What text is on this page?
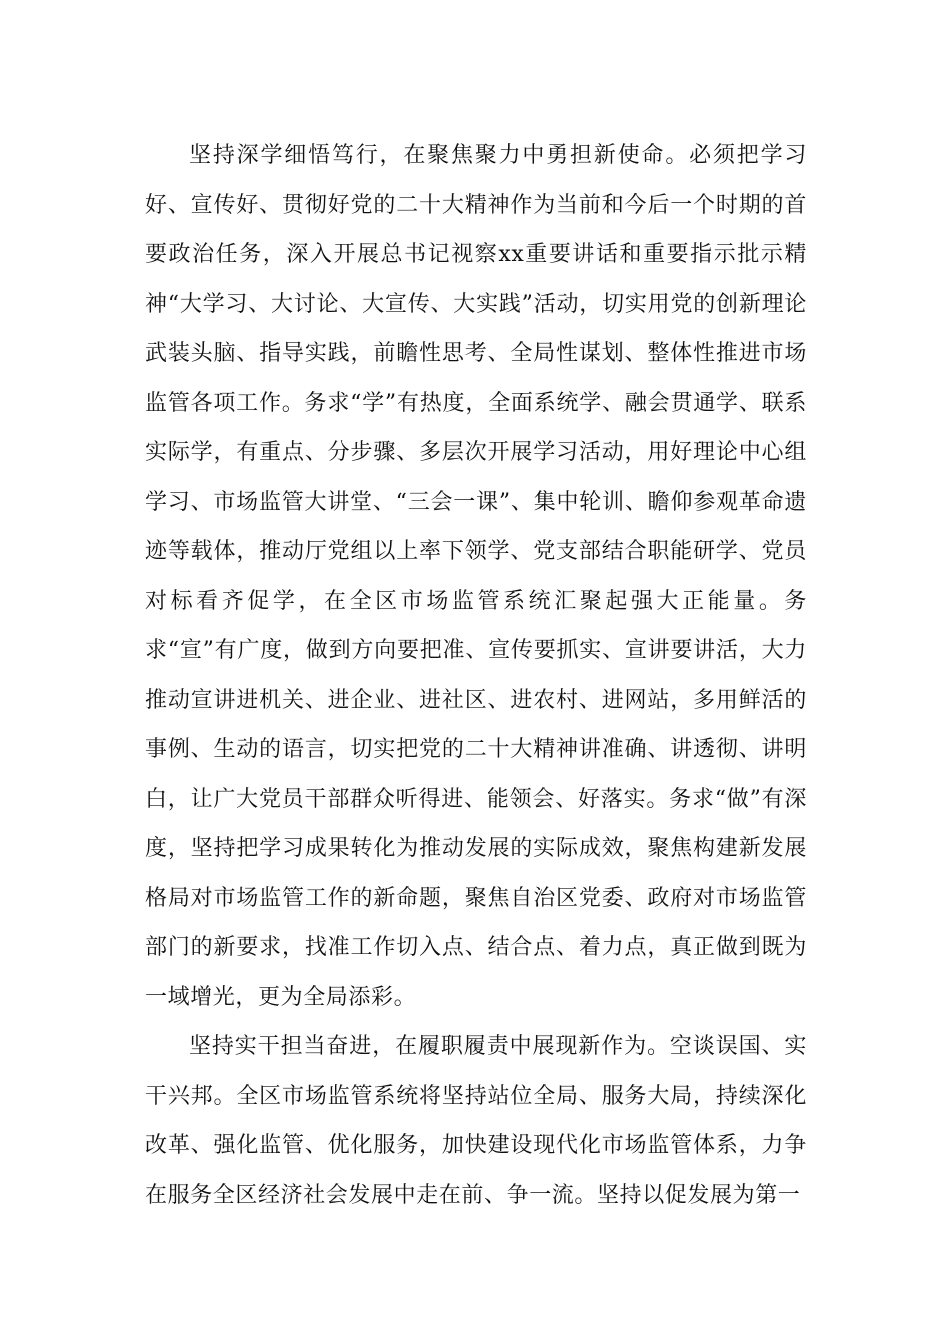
坚持深学细悟笃行，在聚焦聚力中勇担新使命。必须把学习好、宣传好、贯彻好党的二十大精神作为当前和今后一个时期的首要政治任务，深入开展总书记视察xx重要讲话和重要指示批示精神“大学习、大讨论、大宣传、大实践”活动，切实用党的创新理论武装头脑、指导实践，前瞻性思考、全局性谋划、整体性推进市场监管各项工作。务求“学”有热度，全面系统学、融会贯通学、联系实际学，有重点、分步骤、多层次开展学习活动，用好理论中心组学习、市场监管大讲堂、“三会一课”、集中轮训、瞻仰参观革命遗迹等载体，推动厅党组以上率下领学、党支部结合职能研学、党员对标看齐促学，在全区市场监管系统汇聚起强大正能量。务求“宣”有广度，做到方向要把准、宣传要抓实、宣讲要讲活，大力推动宣讲进机关、进企业、进社区、进农村、进网站，多用鲜活的事例、生动的语言，切实把党的二十大精神讲准确、讲透彻、讲明白，让广大党员干部群众听得进、能领会、好落实。务求“做”有深度，坚持把学习成果转化为推动发展的实际成效，聚焦构建新发展格局对市场监管工作的新命题，聚焦自治区党委、政府对市场监管部门的新要求，找准工作切入点、结合点、着力点，真正做到既为一域增光，更为全局添彩。

坚持实干担当奋进，在履职履责中展现新作为。空谈误国、实干兴邦。全区市场监管系统将坚持站位全局、服务大局，持续深化改革、强化监管、优化服务，加快建设现代化市场监管体系，力争在服务全区经济社会发展中走在前、争一流。坚持以促发展为第一
